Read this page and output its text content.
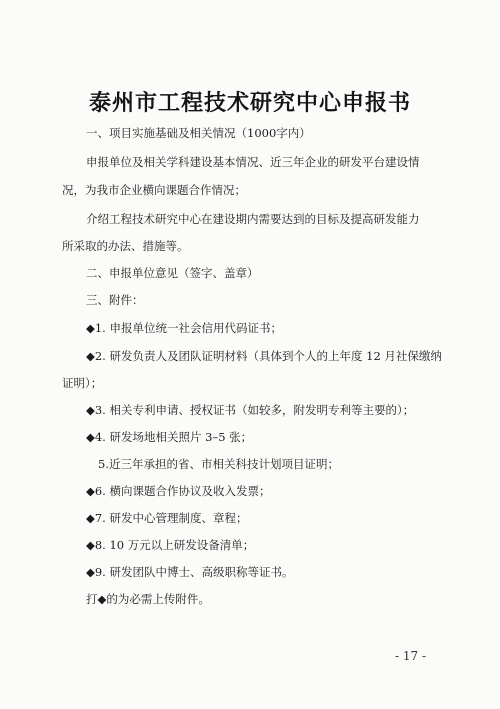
泰州市工程技术研究中心申报书
一、项目实施基础及相关情况（1000字内）
申报单位及相关学科建设基本情况、近三年企业的研发平台建设情
况，为我市企业横向课题合作情况；
介绍工程技术研究中心在建设期内需要达到的目标及提高研发能力
所采取的办法、措施等。
二、申报单位意见（签字、盖章）
三、附件：
◆1. 申报单位统一社会信用代码证书；
◆2. 研发负责人及团队证明材料（具体到个人的上年度 12 月社保缴纳
证明）；
◆3. 相关专利申请、授权证书（如较多，附发明专利等主要的）；
◆4. 研发场地相关照片 3–5 张；
5.近三年承担的省、市相关科技计划项目证明；
◆6. 横向课题合作协议及收入发票；
◆7. 研发中心管理制度、章程；
◆8. 10 万元以上研发设备清单；
◆9. 研发团队中博士、高级职称等证书。
打◆的为必需上传附件。
- 17 -
